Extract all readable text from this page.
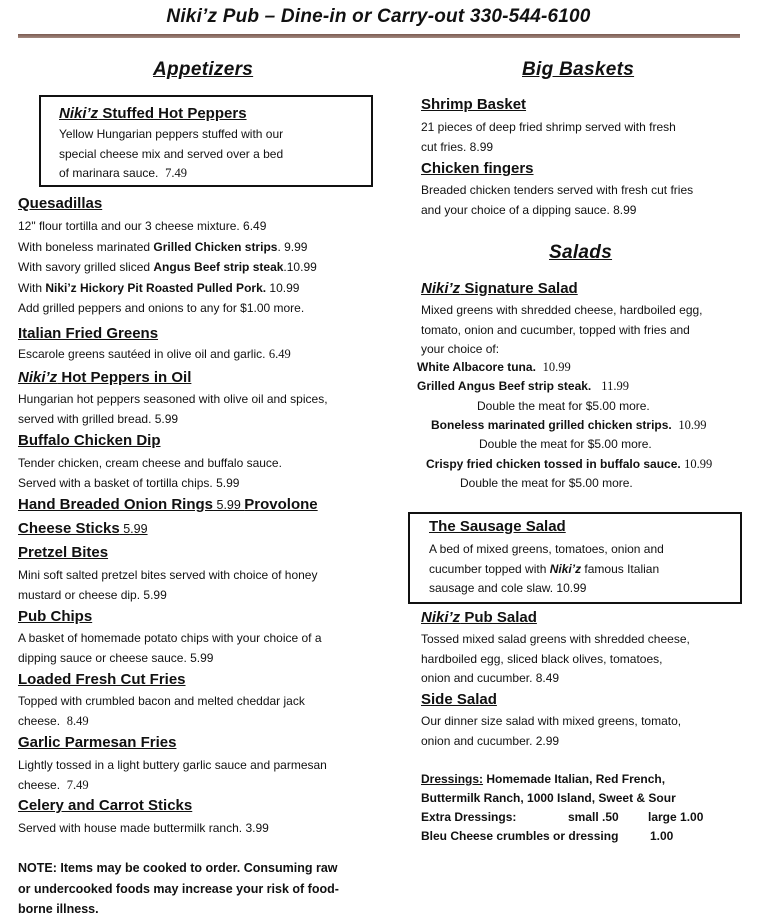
Niki’z Pub – Dine-in or Carry-out 330-544-6100
Appetizers
Niki’z Stuffed Hot Peppers
Yellow Hungarian peppers stuffed with our
special cheese mix and served over a bed
of marinara sauce. 7.49
Quesadillas
12" flour tortilla and our 3 cheese mixture. 6.49
With boneless marinated Grilled Chicken strips. 9.99
With savory grilled sliced Angus Beef strip steak.10.99
With Niki’z Hickory Pit Roasted Pulled Pork. 10.99
Add grilled peppers and onions to any for $1.00 more.
Italian Fried Greens
Escarole greens sautéed in olive oil and garlic. 6.49
Niki’z Hot Peppers in Oil
Hungarian hot peppers seasoned with olive oil and spices,
served with grilled bread. 5.99
Buffalo Chicken Dip
Tender chicken, cream cheese and buffalo sauce.
Served with a basket of tortilla chips. 5.99
Hand Breaded Onion Rings 5.99 Provolone
Cheese Sticks 5.99
Pretzel Bites
Mini soft salted pretzel bites served with choice of honey
mustard or cheese dip. 5.99
Pub Chips
A basket of homemade potato chips with your choice of a
dipping sauce or cheese sauce. 5.99
Loaded Fresh Cut Fries
Topped with crumbled bacon and melted cheddar jack
cheese. 8.49
Garlic Parmesan Fries
Lightly tossed in a light buttery garlic sauce and parmesan
cheese. 7.49
Celery and Carrot Sticks
Served with house made buttermilk ranch. 3.99
NOTE: Items may be cooked to order. Consuming raw
or undercooked foods may increase your risk of food-
borne illness.
Big Baskets
Shrimp Basket
21 pieces of deep fried shrimp served with fresh
cut fries. 8.99
Chicken fingers
Breaded chicken tenders served with fresh cut fries
and your choice of a dipping sauce. 8.99
Salads
Niki’z Signature Salad
Mixed greens with shredded cheese, hardboiled egg,
tomato, onion and cucumber, topped with fries and
your choice of:
White Albacore tuna. 10.99
Grilled Angus Beef strip steak. 11.99
Double the meat for $5.00 more.
Boneless marinated grilled chicken strips. 10.99
Double the meat for $5.00 more.
Crispy fried chicken tossed in buffalo sauce. 10.99
Double the meat for $5.00 more.
The Sausage Salad
A bed of mixed greens, tomatoes, onion and
cucumber topped with Niki’z famous Italian
sausage and cole slaw. 10.99
Niki’z Pub Salad
Tossed mixed salad greens with shredded cheese,
hardboiled egg, sliced black olives, tomatoes,
onion and cucumber. 8.49
Side Salad
Our dinner size salad with mixed greens, tomato,
onion and cucumber. 2.99
Dressings: Homemade Italian, Red French,
Buttermilk Ranch, 1000 Island, Sweet & Sour
Extra Dressings:	small .50 large 1.00
Bleu Cheese crumbles or dressing	1.00
